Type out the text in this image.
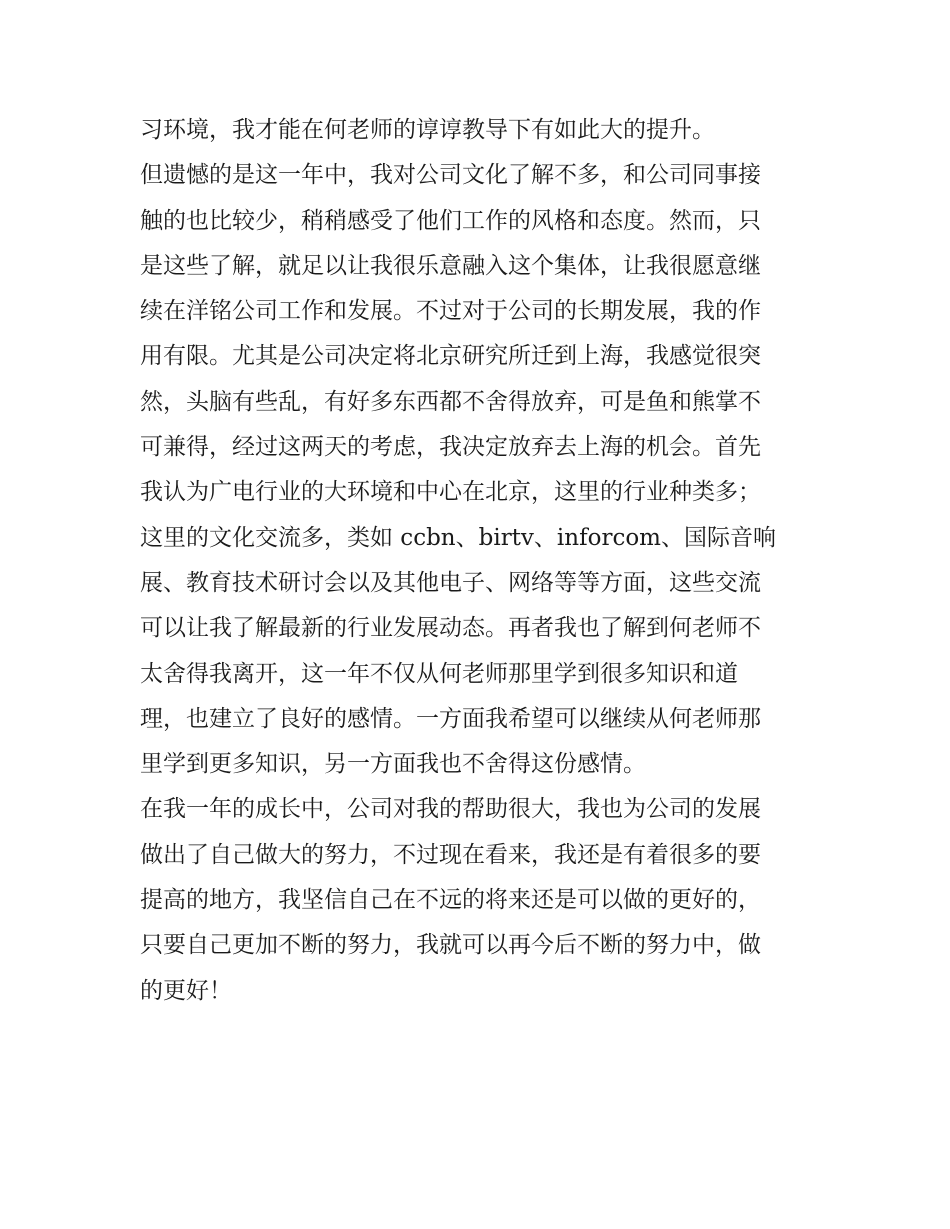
习环境，我才能在何老师的谆谆教导下有如此大的提升。
但遗憾的是这一年中，我对公司文化了解不多，和公司同事接
触的也比较少，稍稍感受了他们工作的风格和态度。然而，只
是这些了解，就足以让我很乐意融入这个集体，让我很愿意继
续在洋铭公司工作和发展。不过对于公司的长期发展，我的作
用有限。尤其是公司决定将北京研究所迁到上海，我感觉很突
然，头脑有些乱，有好多东西都不舍得放弃，可是鱼和熊掌不
可兼得，经过这两天的考虑，我决定放弃去上海的机会。首先
我认为广电行业的大环境和中心在北京，这里的行业种类多；
这里的文化交流多，类如 ccbn、birtv、inforcom、国际音响
展、教育技术研讨会以及其他电子、网络等等方面，这些交流
可以让我了解最新的行业发展动态。再者我也了解到何老师不
太舍得我离开，这一年不仅从何老师那里学到很多知识和道
理，也建立了良好的感情。一方面我希望可以继续从何老师那
里学到更多知识，另一方面我也不舍得这份感情。
在我一年的成长中，公司对我的帮助很大，我也为公司的发展
做出了自己做大的努力，不过现在看来，我还是有着很多的要
提高的地方，我坚信自己在不远的将来还是可以做的更好的，
只要自己更加不断的努力，我就可以再今后不断的努力中，做
的更好！
